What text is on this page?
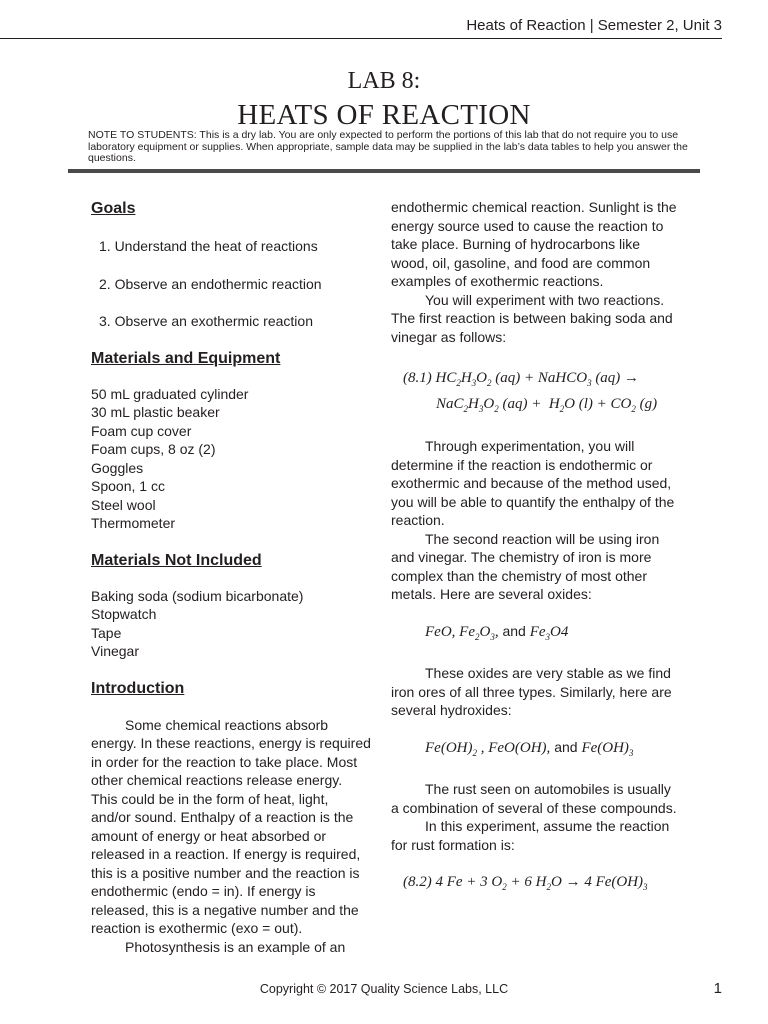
Heats of Reaction | Semester 2, Unit 3
LAB 8:
HEATS OF REACTION
NOTE TO STUDENTS: This is a dry lab. You are only expected to perform the portions of this lab that do not require you to use laboratory equipment or supplies. When appropriate, sample data may be supplied in the lab’s data tables to help you answer the questions.
Goals

1. Understand the heat of reactions

2. Observe an endothermic reaction

3. Observe an exothermic reaction

Materials and Equipment

50 mL graduated cylinder

30 mL plastic beaker

Foam cup cover

Foam cups, 8 oz (2)

Goggles

Spoon, 1 cc

Steel wool

Thermometer

Materials Not Included

Baking soda (sodium bicarbonate)

Stopwatch

Tape

Vinegar

Introduction

Some chemical reactions absorb energy. In these reactions, energy is required in order for the reaction to take place. Most other chemical reactions release energy. This could be in the form of heat, light, and/or sound. Enthalpy of a reaction is the amount of energy or heat absorbed or released in a reaction. If energy is required, this is a positive number and the reaction is endothermic (endo = in). If energy is released, this is a negative number and the reaction is exothermic (exo = out).

Photosynthesis is an example of an

endothermic chemical reaction. Sunlight is the energy source used to cause the reaction to take place. Burning of hydrocarbons like wood, oil, gasoline, and food are common examples of exothermic reactions.

You will experiment with two reactions. The first reaction is between baking soda and vinegar as follows:

(8.1) $HC_2H_3O_2$ (aq) + NaHCO$_3$ (aq) →
$NaC_2H_3O_2$ $(aq) + H_2O$ $(l) + CO_2$ (g)

Through experimentation, you will determine if the reaction is endothermic or exothermic and because of the method used, you will be able to quantify the enthalpy of the reaction.

The second reaction will be using iron and vinegar. The chemistry of iron is more complex than the chemistry of most other metals. Here are several oxides:

FeO, $Fe_2O_3$, and $Fe_3O4$

These oxides are very stable as we find iron ores of all three types. Similarly, here are several hydroxides:

$Fe(OH)_2$ , FeO(OH), and $Fe(OH)_3$

The rust seen on automobiles is usually a combination of several of these compounds.

In this experiment, assume the reaction for rust formation is:

(8.2) 4 Fe + 3 $O_2 + 6$ $H_2O \to 4$ $Fe(OH)_3$
Copyright © 2017 Quality Science Labs, LLC	1
